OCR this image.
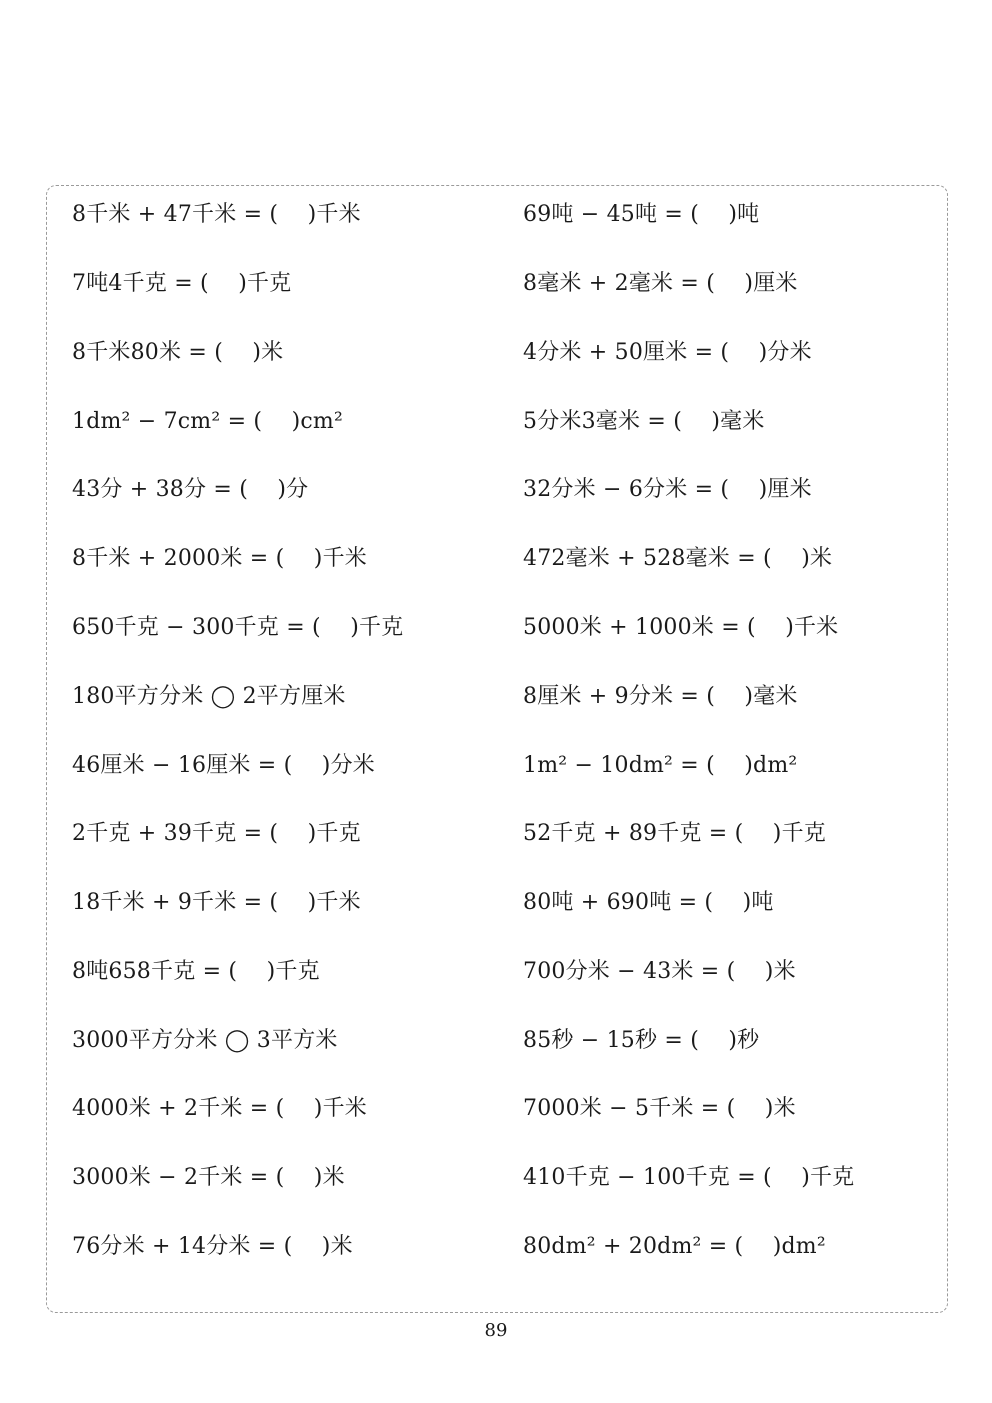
8千米 + 47千米 = (　 )千米
7吨4千克 = (　 )千克
8千米80米 = (　 )米
1dm² − 7cm² = (　 )cm²
43分 + 38分 = (　 )分
8千米 + 2000米 = (　 )千米
650千克 − 300千克 = (　 )千克
180平方分米 ◯ 2平方厘米
46厘米 − 16厘米 = (　 )分米
2千克 + 39千克 = (　 )千克
18千米 + 9千米 = (　 )千米
8吨658千克 = (　 )千克
3000平方分米 ◯ 3平方米
4000米 + 2千米 = (　 )千米
3000米 − 2千米 = (　 )米
76分米 + 14分米 = (　 )米
69吨 − 45吨 = (　 )吨
8毫米 + 2毫米 = (　 )厘米
4分米 + 50厘米 = (　 )分米
5分米3毫米 = (　 )毫米
32分米 − 6分米 = (　 )厘米
472毫米 + 528毫米 = (　 )米
5000米 + 1000米 = (　 )千米
8厘米 + 9分米 = (　 )毫米
1m² − 10dm² = (　 )dm²
52千克 + 89千克 = (　 )千克
80吨 + 690吨 = (　 )吨
700分米 − 43米 = (　 )米
85秒 − 15秒 = (　 )秒
7000米 − 5千米 = (　 )米
410千克 − 100千克 = (　 )千克
80dm² + 20dm² = (　 )dm²
89
